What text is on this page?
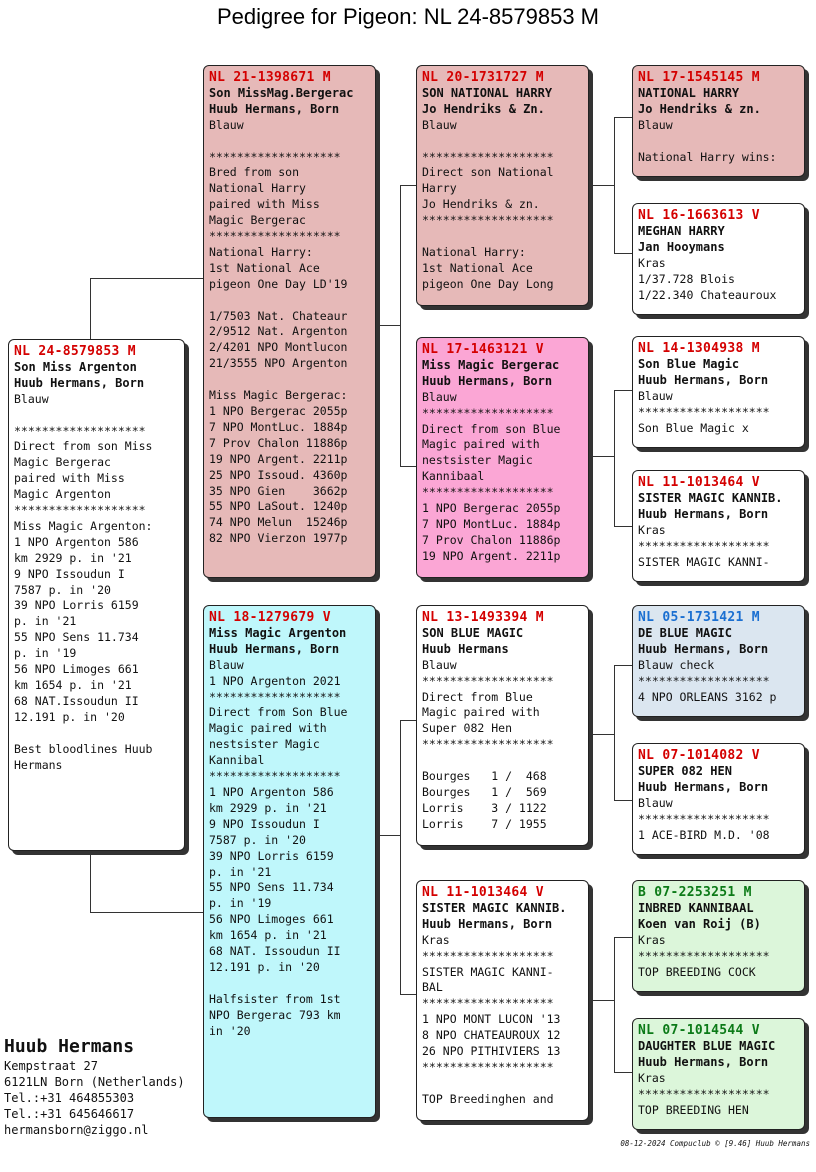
Pedigree for Pigeon: NL 24-8579853 M
NL 24-8579853 M
Son Miss Argenton
Huub Hermans, Born
Blauw
*******************
Direct from son Miss
Magic Bergerac
paired with Miss
Magic Argenton
*******************
Miss Magic Argenton:
1 NPO Argenton 586
km 2929 p. in '21
9 NPO Issoudun I
7587 p. in '20
39 NPO Lorris 6159
p. in '21
55 NPO Sens 11.734
p. in '19
56 NPO Limoges 661
km 1654 p. in '21
68 NAT.Issoudun II
12.191 p. in '20
Best bloodlines Huub
Hermans
NL 21-1398671 M
Son MissMag.Bergerac
Huub Hermans, Born
Blauw
*******************
Bred from son
National Harry
paired with Miss
Magic Bergerac
*******************
National Harry:
1st National Ace
pigeon One Day LD'19
1/7503 Nat. Chateaur
2/9512 Nat. Argenton
2/4201 NPO Montlucon
21/3555 NPO Argenton
Miss Magic Bergerac:
1 NPO Bergerac 2055p
7 NPO MontLuc. 1884p
7 Prov Chalon 11886p
19 NPO Argent. 2211p
25 NPO Issoud. 4360p
35 NPO Gien    3662p
55 NPO LaSout. 1240p
74 NPO Melun  15246p
82 NPO Vierzon 1977p
NL 18-1279679 V
Miss Magic Argenton
Huub Hermans, Born
Blauw
1 NPO Argenton 2021
*******************
Direct from Son Blue
Magic paired with
nestsister Magic
Kannibal
*******************
1 NPO Argenton 586
km 2929 p. in '21
9 NPO Issoudun I
7587 p. in '20
39 NPO Lorris 6159
p. in '21
55 NPO Sens 11.734
p. in '19
56 NPO Limoges 661
km 1654 p. in '21
68 NAT. Issoudun II
12.191 p. in '20
Halfsister from 1st
NPO Bergerac 793 km
in '20
NL 20-1731727 M
SON NATIONAL HARRY
Jo Hendriks & Zn.
Blauw
*******************
Direct son National
Harry
Jo Hendriks & zn.
*******************
National Harry:
1st National Ace
pigeon One Day Long
NL 17-1463121 V
Miss Magic Bergerac
Huub Hermans, Born
Blauw
*******************
Direct from son Blue
Magic paired with
nestsister Magic
Kannibaal
*******************
1 NPO Bergerac 2055p
7 NPO MontLuc. 1884p
7 Prov Chalon 11886p
19 NPO Argent. 2211p
NL 13-1493394 M
SON BLUE MAGIC
Huub Hermans
Blauw
*******************
Direct from Blue
Magic paired with
Super 082 Hen
*******************
Bourges   1 /  468
Bourges   1 /  569
Lorris    3 / 1122
Lorris    7 / 1955
NL 11-1013464 V
SISTER MAGIC KANNIB.
Huub Hermans, Born
Kras
*******************
SISTER MAGIC KANNI-
BAL
*******************
1 NPO MONT LUCON '13
8 NPO CHATEAUROUX 12
26 NPO PITHIVIERS 13
*******************
TOP Breedinghen and
NL 17-1545145 M
NATIONAL HARRY
Jo Hendriks & zn.
Blauw
National Harry wins:
NL 16-1663613 V
MEGHAN HARRY
Jan Hooymans
Kras
1/37.728 Blois
1/22.340 Chateauroux
NL 14-1304938 M
Son Blue Magic
Huub Hermans, Born
Blauw
*******************
Son Blue Magic x
NL 11-1013464 V
SISTER MAGIC KANNIB.
Huub Hermans, Born
Kras
*******************
SISTER MAGIC KANNI-
NL 05-1731421 M
DE BLUE MAGIC
Huub Hermans, Born
Blauw check
*******************
4 NPO ORLEANS 3162 p
NL 07-1014082 V
SUPER 082 HEN
Huub Hermans, Born
Blauw
*******************
1 ACE-BIRD M.D. '08
B 07-2253251 M
INBRED KANNIBAAL
Koen van Roij (B)
Kras
*******************
TOP BREEDING COCK
NL 07-1014544 V
DAUGHTER BLUE MAGIC
Huub Hermans, Born
Kras
*******************
TOP BREEDING HEN
Huub Hermans
Kempstraat 27
6121LN Born (Netherlands)
Tel.:+31 464855303
Tel.:+31 645646617
hermansborn@ziggo.nl
08-12-2024 Compuclub © [9.46] Huub Hermans
